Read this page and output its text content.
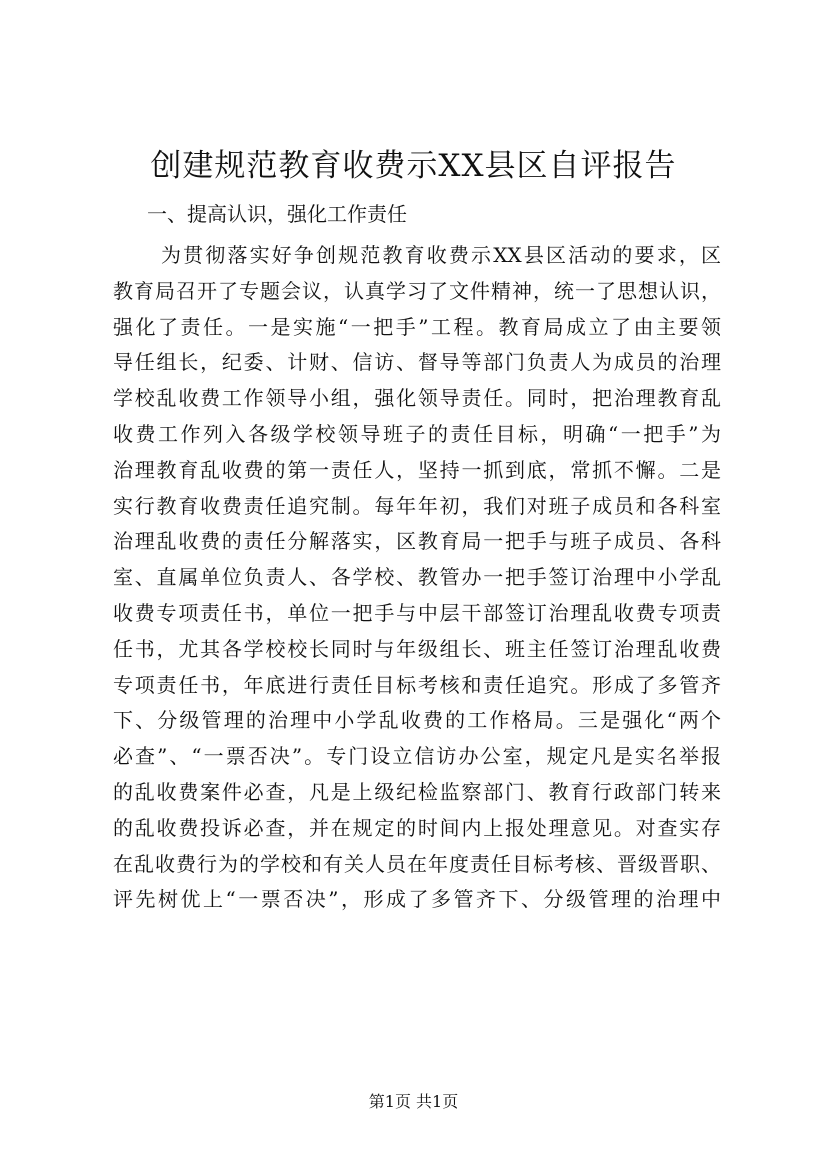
创建规范教育收费示XX县区自评报告
一、提高认识，强化工作责任
为贯彻落实好争创规范教育收费示XX县区活动的要求，区
教育局召开了专题会议，认真学习了文件精神，统一了思想认识，
强化了责任。一是实施“一把手”工程。教育局成立了由主要领
导任组长，纪委、计财、信访、督导等部门负责人为成员的治理
学校乱收费工作领导小组，强化领导责任。同时，把治理教育乱
收费工作列入各级学校领导班子的责任目标，明确“一把手”为
治理教育乱收费的第一责任人，坚持一抓到底，常抓不懈。二是
实行教育收费责任追究制。每年年初，我们对班子成员和各科室
治理乱收费的责任分解落实，区教育局一把手与班子成员、各科
室、直属单位负责人、各学校、教管办一把手签订治理中小学乱
收费专项责任书，单位一把手与中层干部签订治理乱收费专项责
任书，尤其各学校校长同时与年级组长、班主任签订治理乱收费
专项责任书，年底进行责任目标考核和责任追究。形成了多管齐
下、分级管理的治理中小学乱收费的工作格局。三是强化“两个
必查”、“一票否决”。专门设立信访办公室，规定凡是实名举报
的乱收费案件必查，凡是上级纪检监察部门、教育行政部门转来
的乱收费投诉必查，并在规定的时间内上报处理意见。对查实存
在乱收费行为的学校和有关人员在年度责任目标考核、晋级晋职、
评先树优上“一票否决”，形成了多管齐下、分级管理的治理中
第1页 共1页
